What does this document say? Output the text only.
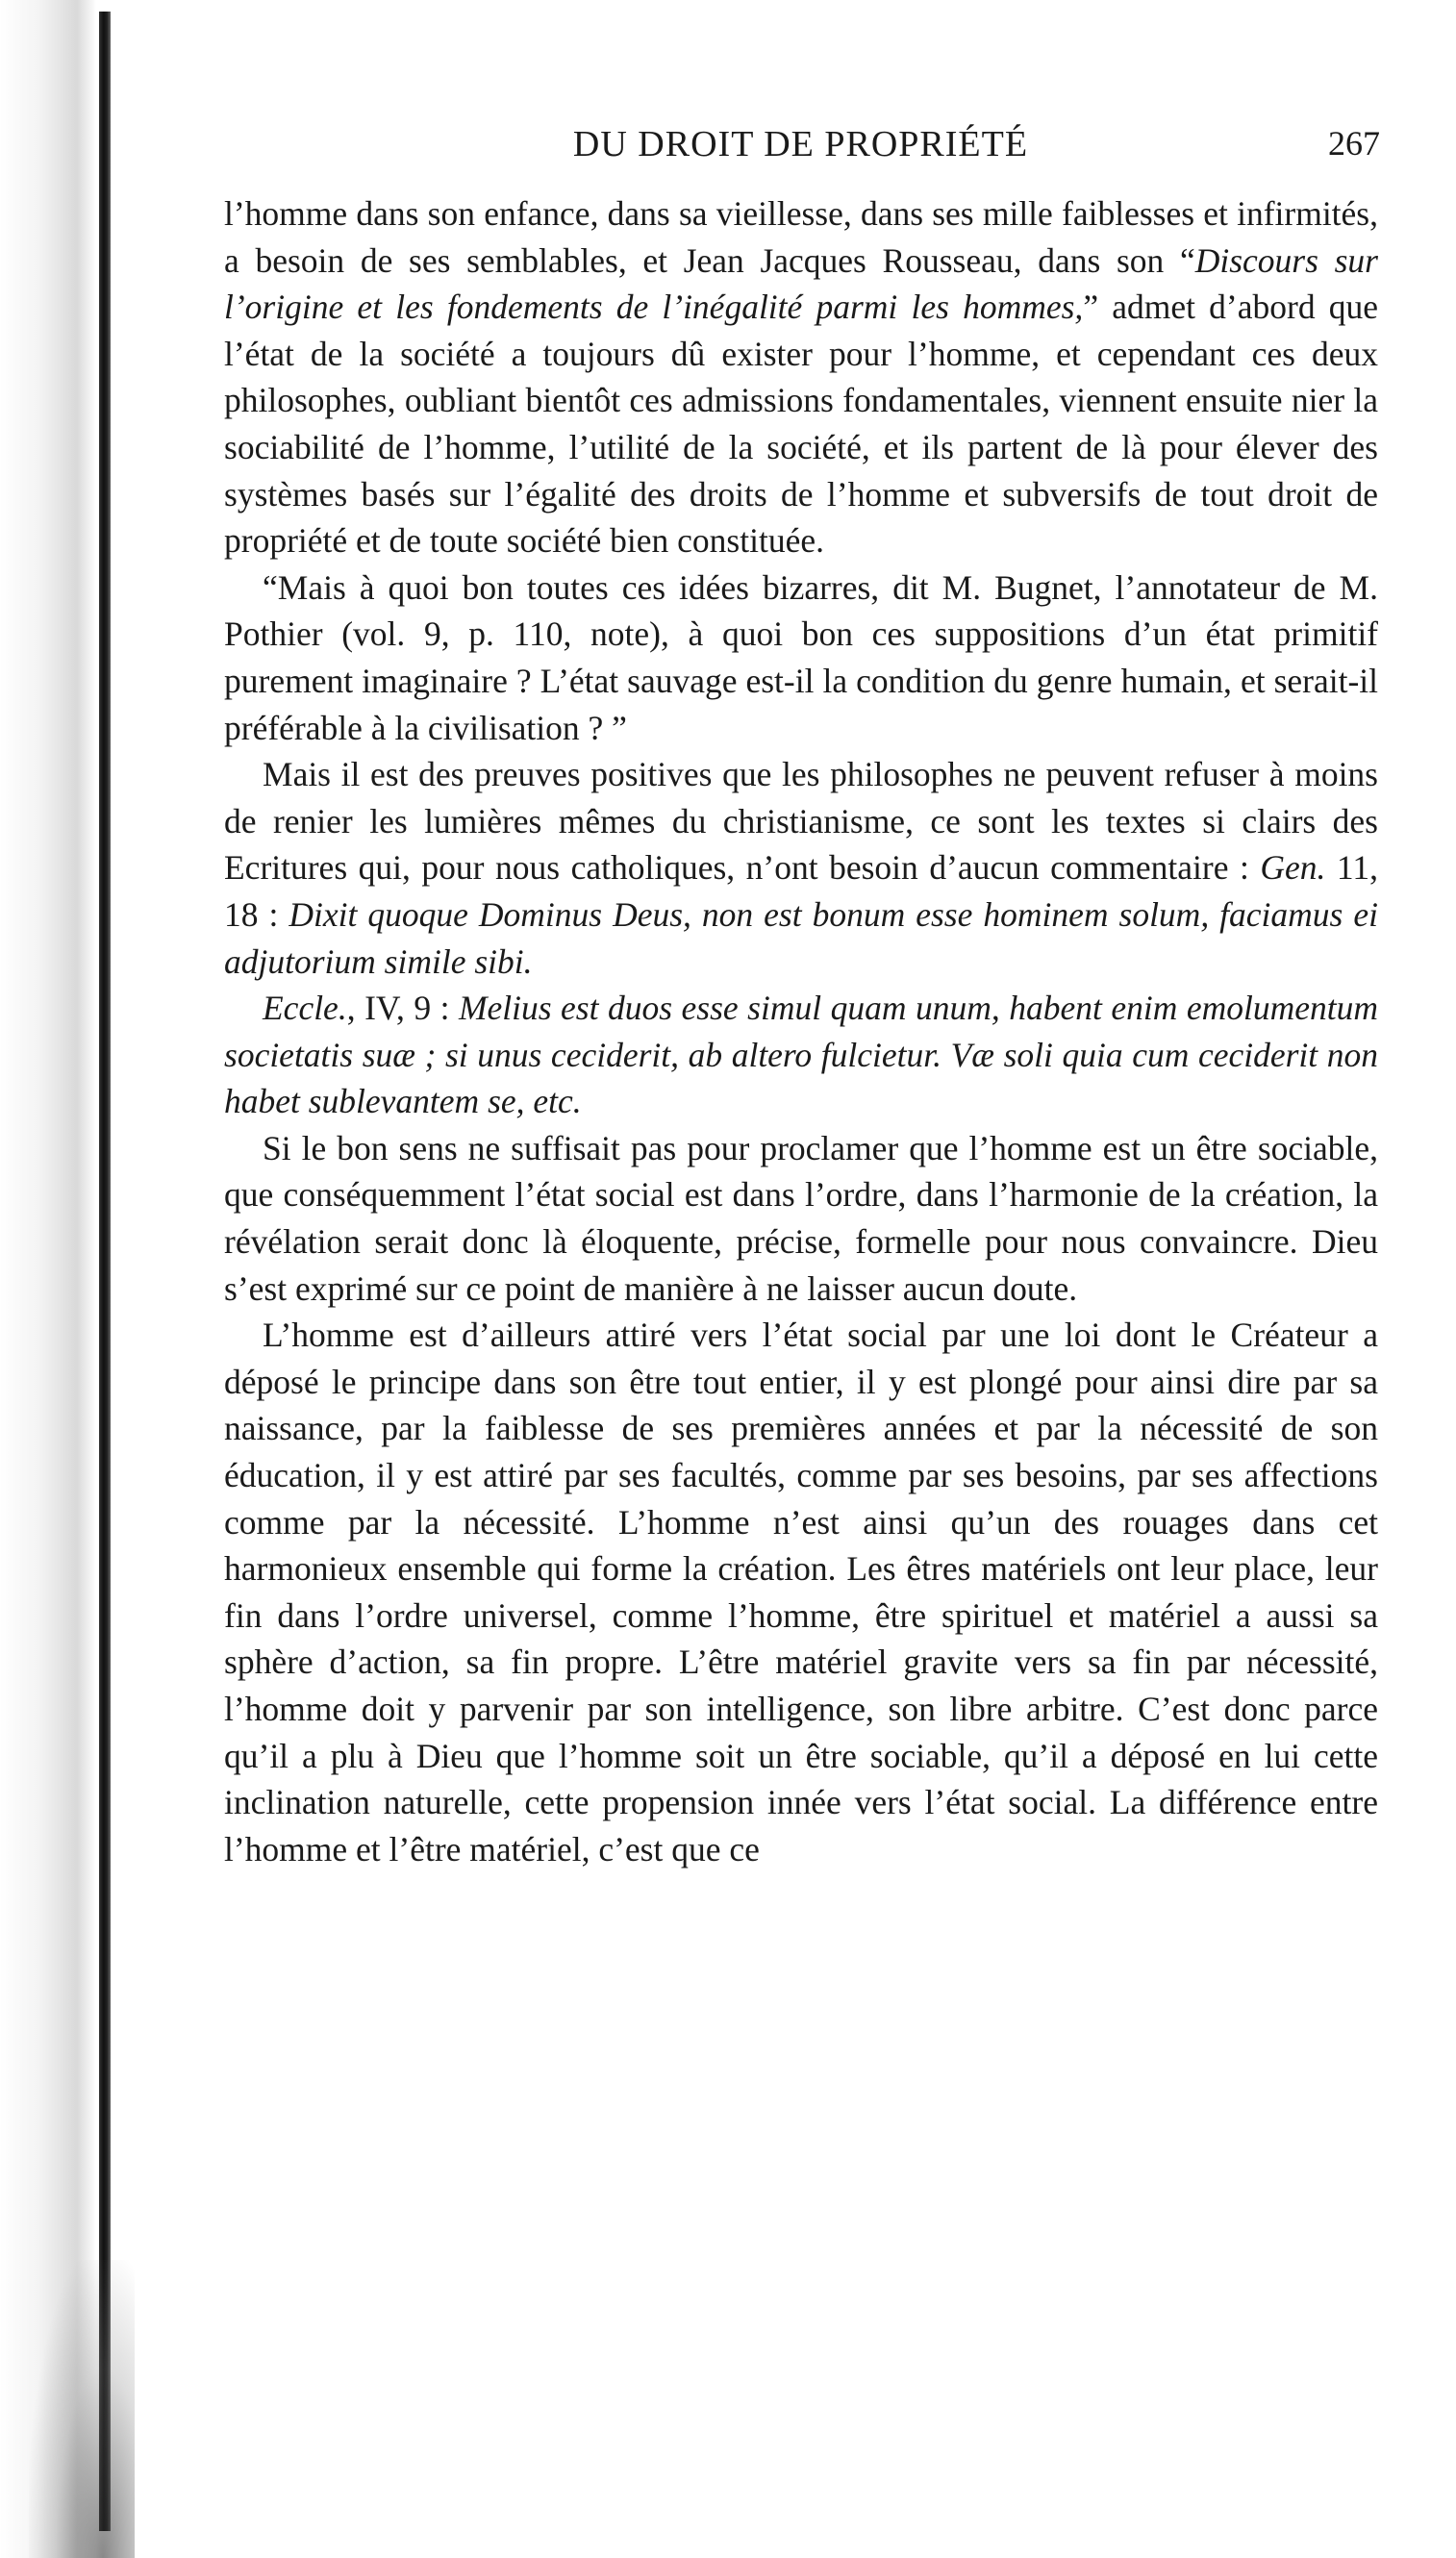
DU DROIT DE PROPRIÉTÉ	267

l’homme dans son enfance, dans sa vieillesse, dans ses mille faiblesses et infirmités, a besoin de ses semblables, et Jean Jacques Rousseau, dans son “Discours sur l’origine et les fondements de l’inégalité parmi les hommes,” admet d’abord que l’état de la société a toujours dû exister pour l’homme, et cependant ces deux philosophes, oubliant bientôt ces admissions fondamentales, viennent ensuite nier la sociabilité de l’homme, l’utilité de la société, et ils partent de là pour élever des systèmes basés sur l’égalité des droits de l’homme et subversifs de tout droit de propriété et de toute société bien constituée.

“Mais à quoi bon toutes ces idées bizarres, dit M. Bugnet, l’annotateur de M. Pothier (vol. 9, p. 110, note), à quoi bon ces suppositions d’un état primitif purement imaginaire ? L’état sauvage est-il la condition du genre humain, et serait-il préférable à la civilisation ? ”

Mais il est des preuves positives que les philosophes ne peuvent refuser à moins de renier les lumières mêmes du christianisme, ce sont les textes si clairs des Ecritures qui, pour nous catholiques, n’ont besoin d’aucun commentaire : Gen. 11, 18 : Dixit quoque Dominus Deus, non est bonum esse hominem solum, faciamus ei adjutorium simile sibi.

Eccle., IV, 9 : Melius est duos esse simul quam unum, habent enim emolumentum societatis suæ ; si unus ceciderit, ab altero fulcietur. Væ soli quia cum ceciderit non habet sublevantem se, etc.

Si le bon sens ne suffisait pas pour proclamer que l’homme est un être sociable, que conséquemment l’état social est dans l’ordre, dans l’harmonie de la création, la révélation serait donc là éloquente, précise, formelle pour nous convaincre. Dieu s’est exprimé sur ce point de manière à ne laisser aucun doute.

L’homme est d’ailleurs attiré vers l’état social par une loi dont le Créateur a déposé le principe dans son être tout entier, il y est plongé pour ainsi dire par sa naissance, par la faiblesse de ses premières années et par la nécessité de son éducation, il y est attiré par ses facultés, comme par ses besoins, par ses affections comme par la nécessité. L’homme n’est ainsi qu’un des rouages dans cet harmonieux ensemble qui forme la création. Les êtres matériels ont leur place, leur fin dans l’ordre universel, comme l’homme, être spirituel et matériel a aussi sa sphère d’action, sa fin propre. L’être matériel gravite vers sa fin par nécessité, l’homme doit y parvenir par son intelligence, son libre arbitre. C’est donc parce qu’il a plu à Dieu que l’homme soit un être sociable, qu’il a déposé en lui cette inclination naturelle, cette propension innée vers l’état social. La différence entre l’homme et l’être matériel, c’est que ce
